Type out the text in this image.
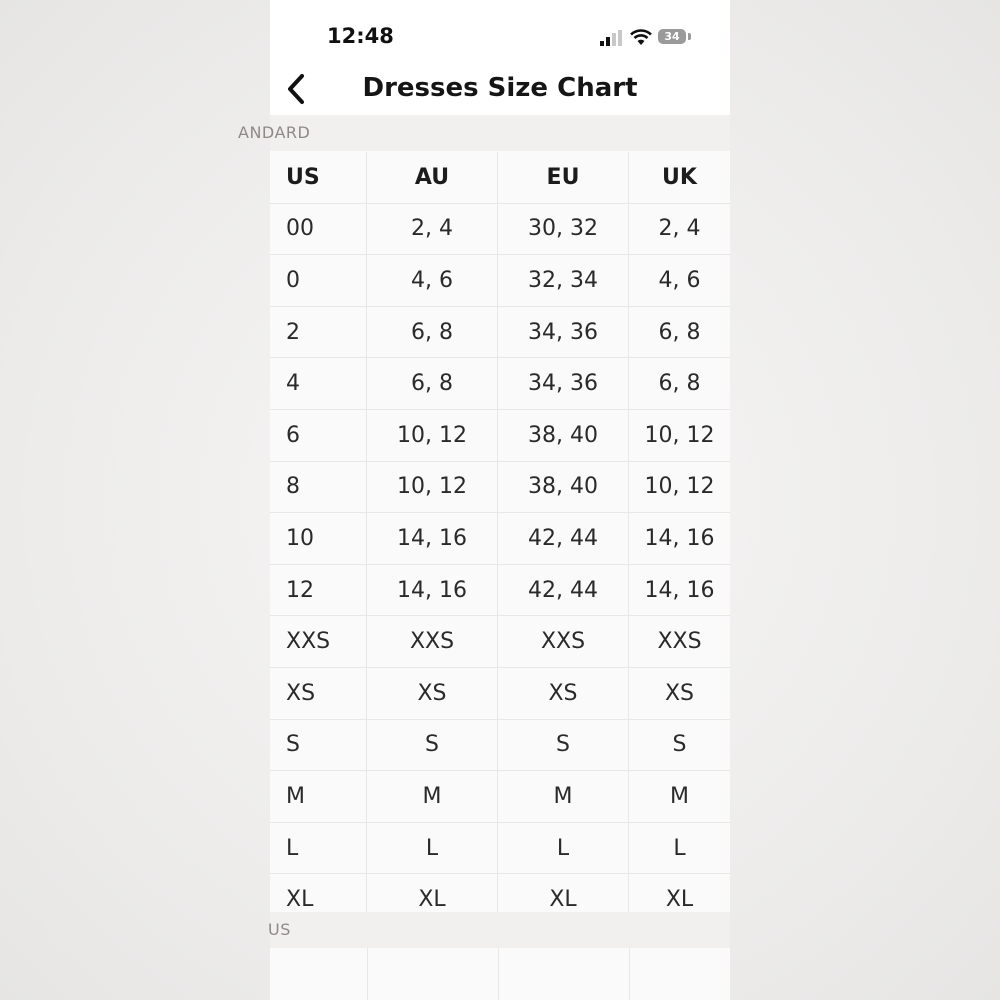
12:48	34
Dresses Size Chart
ANDARD
US	AU	EU	UK
00	2, 4	30, 32	2, 4
0	4, 6	32, 34	4, 6
2	6, 8	34, 36	6, 8
4	6, 8	34, 36	6, 8
6	10, 12	38, 40	10, 12
8	10, 12	38, 40	10, 12
10	14, 16	42, 44	14, 16
12	14, 16	42, 44	14, 16
XXS	XXS	XXS	XXS
XS	XS	XS	XS
S	S	S	S
M	M	M	M
L	L	L	L
XL	XL	XL	XL
US
